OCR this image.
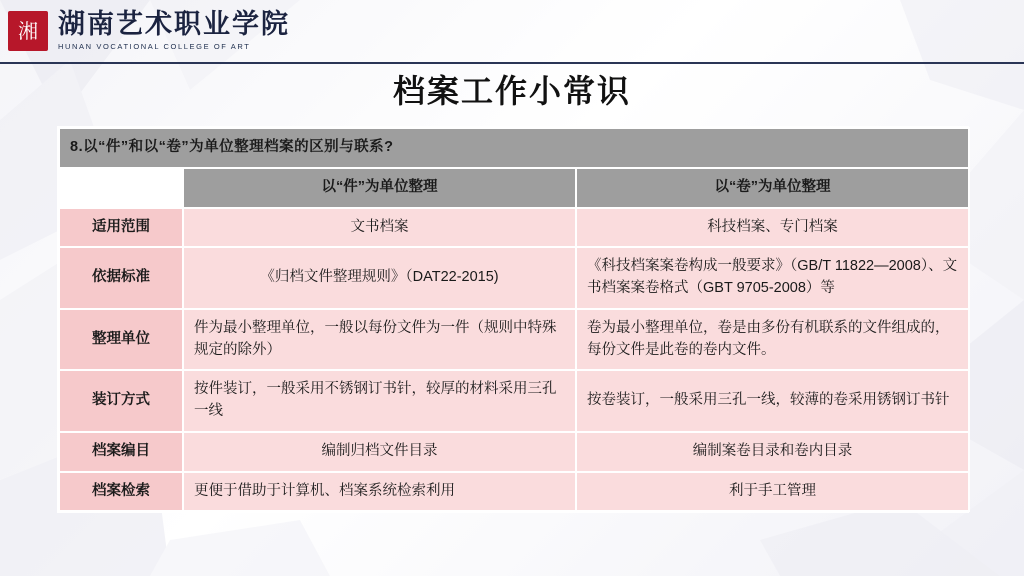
湘 湖南艺术职业学院
HUNAN VOCATIONAL COLLEGE OF ART
档案工作小常识
8.以“件”和以“卷”为单位整理档案的区别与联系?		
	以“件”为单位整理	以“卷”为单位整理
适用范围	文书档案	科技档案、专门档案
依据标准	《归档文件整理规则》（DAT22-2015)	《科技档案案卷构成一般要求》（GB/T 11822—2008）、文书档案案卷格式（GBT 9705-2008）等
整理单位	件为最小整理单位，一般以每份文件为一件（规则中特殊规定的除外）	卷为最小整理单位，卷是由多份有机联系的文件组成的，每份文件是此卷的卷内文件。
装订方式	按件装订，一般采用不锈钢订书针，较厚的材料采用三孔一线	按卷装订，一般采用三孔一线，较薄的卷采用锈钢订书针
档案编目	编制归档文件目录	编制案卷目录和卷内目录
档案检索	更便于借助于计算机、档案系统检索利用	利于手工管理
